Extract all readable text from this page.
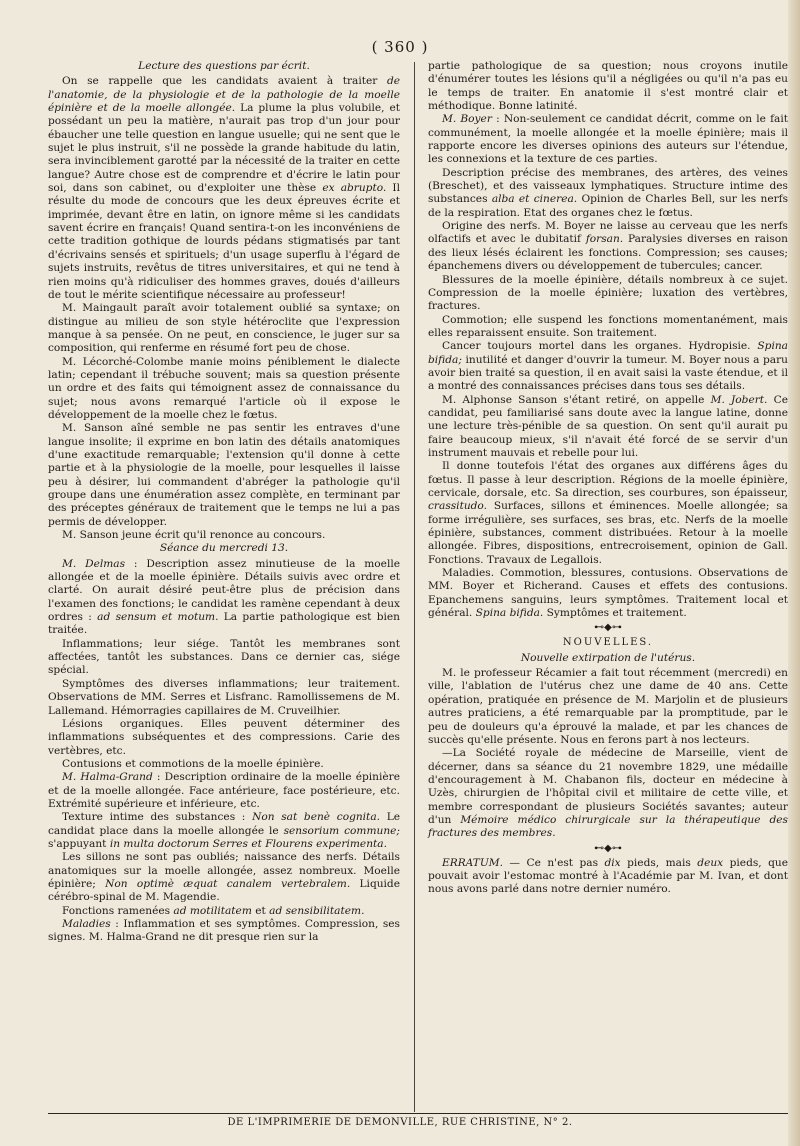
( 360 )

Lecture des questions par écrit.

On se rappelle que les candidats avaient à traiter de l'anatomie, de la physiologie et de la pathologie de la moelle épinière et de la moelle allongée. La plume la plus volubile, et possédant un peu la matière, n'aurait pas trop d'un jour pour ébaucher une telle question en langue usuelle; qui ne sent que le sujet le plus instruit, s'il ne possède la grande habitude du latin, sera invinciblement garotté par la nécessité de la traiter en cette langue? Autre chose est de comprendre et d'écrire le latin pour soi, dans son cabinet, ou d'exploiter une thèse ex abrupto. Il résulte du mode de concours que les deux épreuves écrite et imprimée, devant être en latin, on ignore même si les candidats savent écrire en français! Quand sentira-t-on les inconvéniens de cette tradition gothique de lourds pédans stigmatisés par tant d'écrivains sensés et spirituels; d'un usage superflu à l'égard de sujets instruits, revêtus de titres universitaires, et qui ne tend à rien moins qu'à ridiculiser des hommes graves, doués d'ailleurs de tout le mérite scientifique nécessaire au professeur!

M. Maingault paraît avoir totalement oublié sa syntaxe; on distingue au milieu de son style hétéroclite que l'expression manque à sa pensée. On ne peut, en conscience, le juger sur sa composition, qui renferme en résumé fort peu de chose.

M. Lécorché-Colombe manie moins péniblement le dialecte latin; cependant il trébuche souvent; mais sa question présente un ordre et des faits qui témoignent assez de connaissance du sujet; nous avons remarqué l'article où il expose le développement de la moelle chez le fœtus.

M. Sanson aîné semble ne pas sentir les entraves d'une langue insolite; il exprime en bon latin des détails anatomiques d'une exactitude remarquable; l'extension qu'il donne à cette partie et à la physiologie de la moelle, pour lesquelles il laisse peu à désirer, lui commandent d'abréger la pathologie qu'il groupe dans une énumération assez complète, en terminant par des préceptes généraux de traitement que le temps ne lui a pas permis de développer.

M. Sanson jeune écrit qu'il renonce au concours.

Séance du mercredi 13.

M. Delmas : Description assez minutieuse de la moelle allongée et de la moelle épinière. Détails suivis avec ordre et clarté. On aurait désiré peut-être plus de précision dans l'examen des fonctions; le candidat les ramène cependant à deux ordres : ad sensum et motum. La partie pathologique est bien traitée.

Inflammations; leur siége. Tantôt les membranes sont affectées, tantôt les substances. Dans ce dernier cas, siége spécial.

Symptômes des diverses inflammations; leur traitement. Observations de MM. Serres et Lisfranc. Ramollissemens de M. Lallemand. Hémorragies capillaires de M. Cruveilhier.

Lésions organiques. Elles peuvent déterminer des inflammations subséquentes et des compressions. Carie des vertèbres, etc.

Contusions et commotions de la moelle épinière.

M. Halma-Grand : Description ordinaire de la moelle épinière et de la moelle allongée. Face antérieure, face postérieure, etc. Extrémité supérieure et inférieure, etc.

Texture intime des substances : Non sat benè cognita. Le candidat place dans la moelle allongée le sensorium commune; s'appuyant in multa doctorum Serres et Flourens experimenta.

Les sillons ne sont pas oubliés; naissance des nerfs. Détails anatomiques sur la moelle allongée, assez nombreux. Moelle épinière; Non optimè æquat canalem vertebralem. Liquide cérébro-spinal de M. Magendie.

Fonctions ramenées ad motilitatem et ad sensibilitatem.

Maladies : Inflammation et ses symptômes. Compression, ses signes. M. Halma-Grand ne dit presque rien sur la

partie pathologique de sa question; nous croyons inutile d'énumérer toutes les lésions qu'il a négligées ou qu'il n'a pas eu le temps de traiter. En anatomie il s'est montré clair et méthodique. Bonne latinité.

M. Boyer : Non-seulement ce candidat décrit, comme on le fait communément, la moelle allongée et la moelle épinière; mais il rapporte encore les diverses opinions des auteurs sur l'étendue, les connexions et la texture de ces parties.

Description précise des membranes, des artères, des veines (Breschet), et des vaisseaux lymphatiques. Structure intime des substances alba et cinerea. Opinion de Charles Bell, sur les nerfs de la respiration. Etat des organes chez le fœtus.

Origine des nerfs. M. Boyer ne laisse au cerveau que les nerfs olfactifs et avec le dubitatif forsan. Paralysies diverses en raison des lieux lésés éclairent les fonctions. Compression; ses causes; épanchemens divers ou développement de tubercules; cancer.

Blessures de la moelle épinière, détails nombreux à ce sujet. Compression de la moelle épinière; luxation des vertèbres, fractures.

Commotion; elle suspend les fonctions momentanément, mais elles reparaissent ensuite. Son traitement.

Cancer toujours mortel dans les organes. Hydropisie. Spina bifida; inutilité et danger d'ouvrir la tumeur. M. Boyer nous a paru avoir bien traité sa question, il en avait saisi la vaste étendue, et il a montré des connaissances précises dans tous ses détails.

M. Alphonse Sanson s'étant retiré, on appelle M. Jobert. Ce candidat, peu familiarisé sans doute avec la langue latine, donne une lecture très-pénible de sa question. On sent qu'il aurait pu faire beaucoup mieux, s'il n'avait été forcé de se servir d'un instrument mauvais et rebelle pour lui.

Il donne toutefois l'état des organes aux différens âges du fœtus. Il passe à leur description. Régions de la moelle épinière, cervicale, dorsale, etc. Sa direction, ses courbures, son épaisseur, crassitudo. Surfaces, sillons et éminences. Moelle allongée; sa forme irrégulière, ses surfaces, ses bras, etc. Nerfs de la moelle épinière, substances, comment distribuées. Retour à la moelle allongée. Fibres, dispositions, entrecroisement, opinion de Gall. Fonctions. Travaux de Legallois.

Maladies. Commotion, blessures, contusions. Observations de MM. Boyer et Richerand. Causes et effets des contusions. Epanchemens sanguins, leurs symptômes. Traitement local et général. Spina bifida. Symptômes et traitement.

⊷◆⊶

NOUVELLES.

Nouvelle extirpation de l'utérus.

M. le professeur Récamier a fait tout récemment (mercredi) en ville, l'ablation de l'utérus chez une dame de 40 ans. Cette opération, pratiquée en présence de M. Marjolin et de plusieurs autres praticiens, a été remarquable par la promptitude, par le peu de douleurs qu'a éprouvé la malade, et par les chances de succès qu'elle présente. Nous en ferons part à nos lecteurs.

—La Société royale de médecine de Marseille, vient de décerner, dans sa séance du 21 novembre 1829, une médaille d'encouragement à M. Chabanon fils, docteur en médecine à Uzès, chirurgien de l'hôpital civil et militaire de cette ville, et membre correspondant de plusieurs Sociétés savantes; auteur d'un Mémoire médico chirurgicale sur la thérapeutique des fractures des membres.

⊷◆⊶

ERRATUM. — Ce n'est pas dix pieds, mais deux pieds, que pouvait avoir l'estomac montré à l'Académie par M. Ivan, et dont nous avons parlé dans notre dernier numéro.

DE L'IMPRIMERIE DE DEMONVILLE, RUE CHRISTINE, N° 2.
